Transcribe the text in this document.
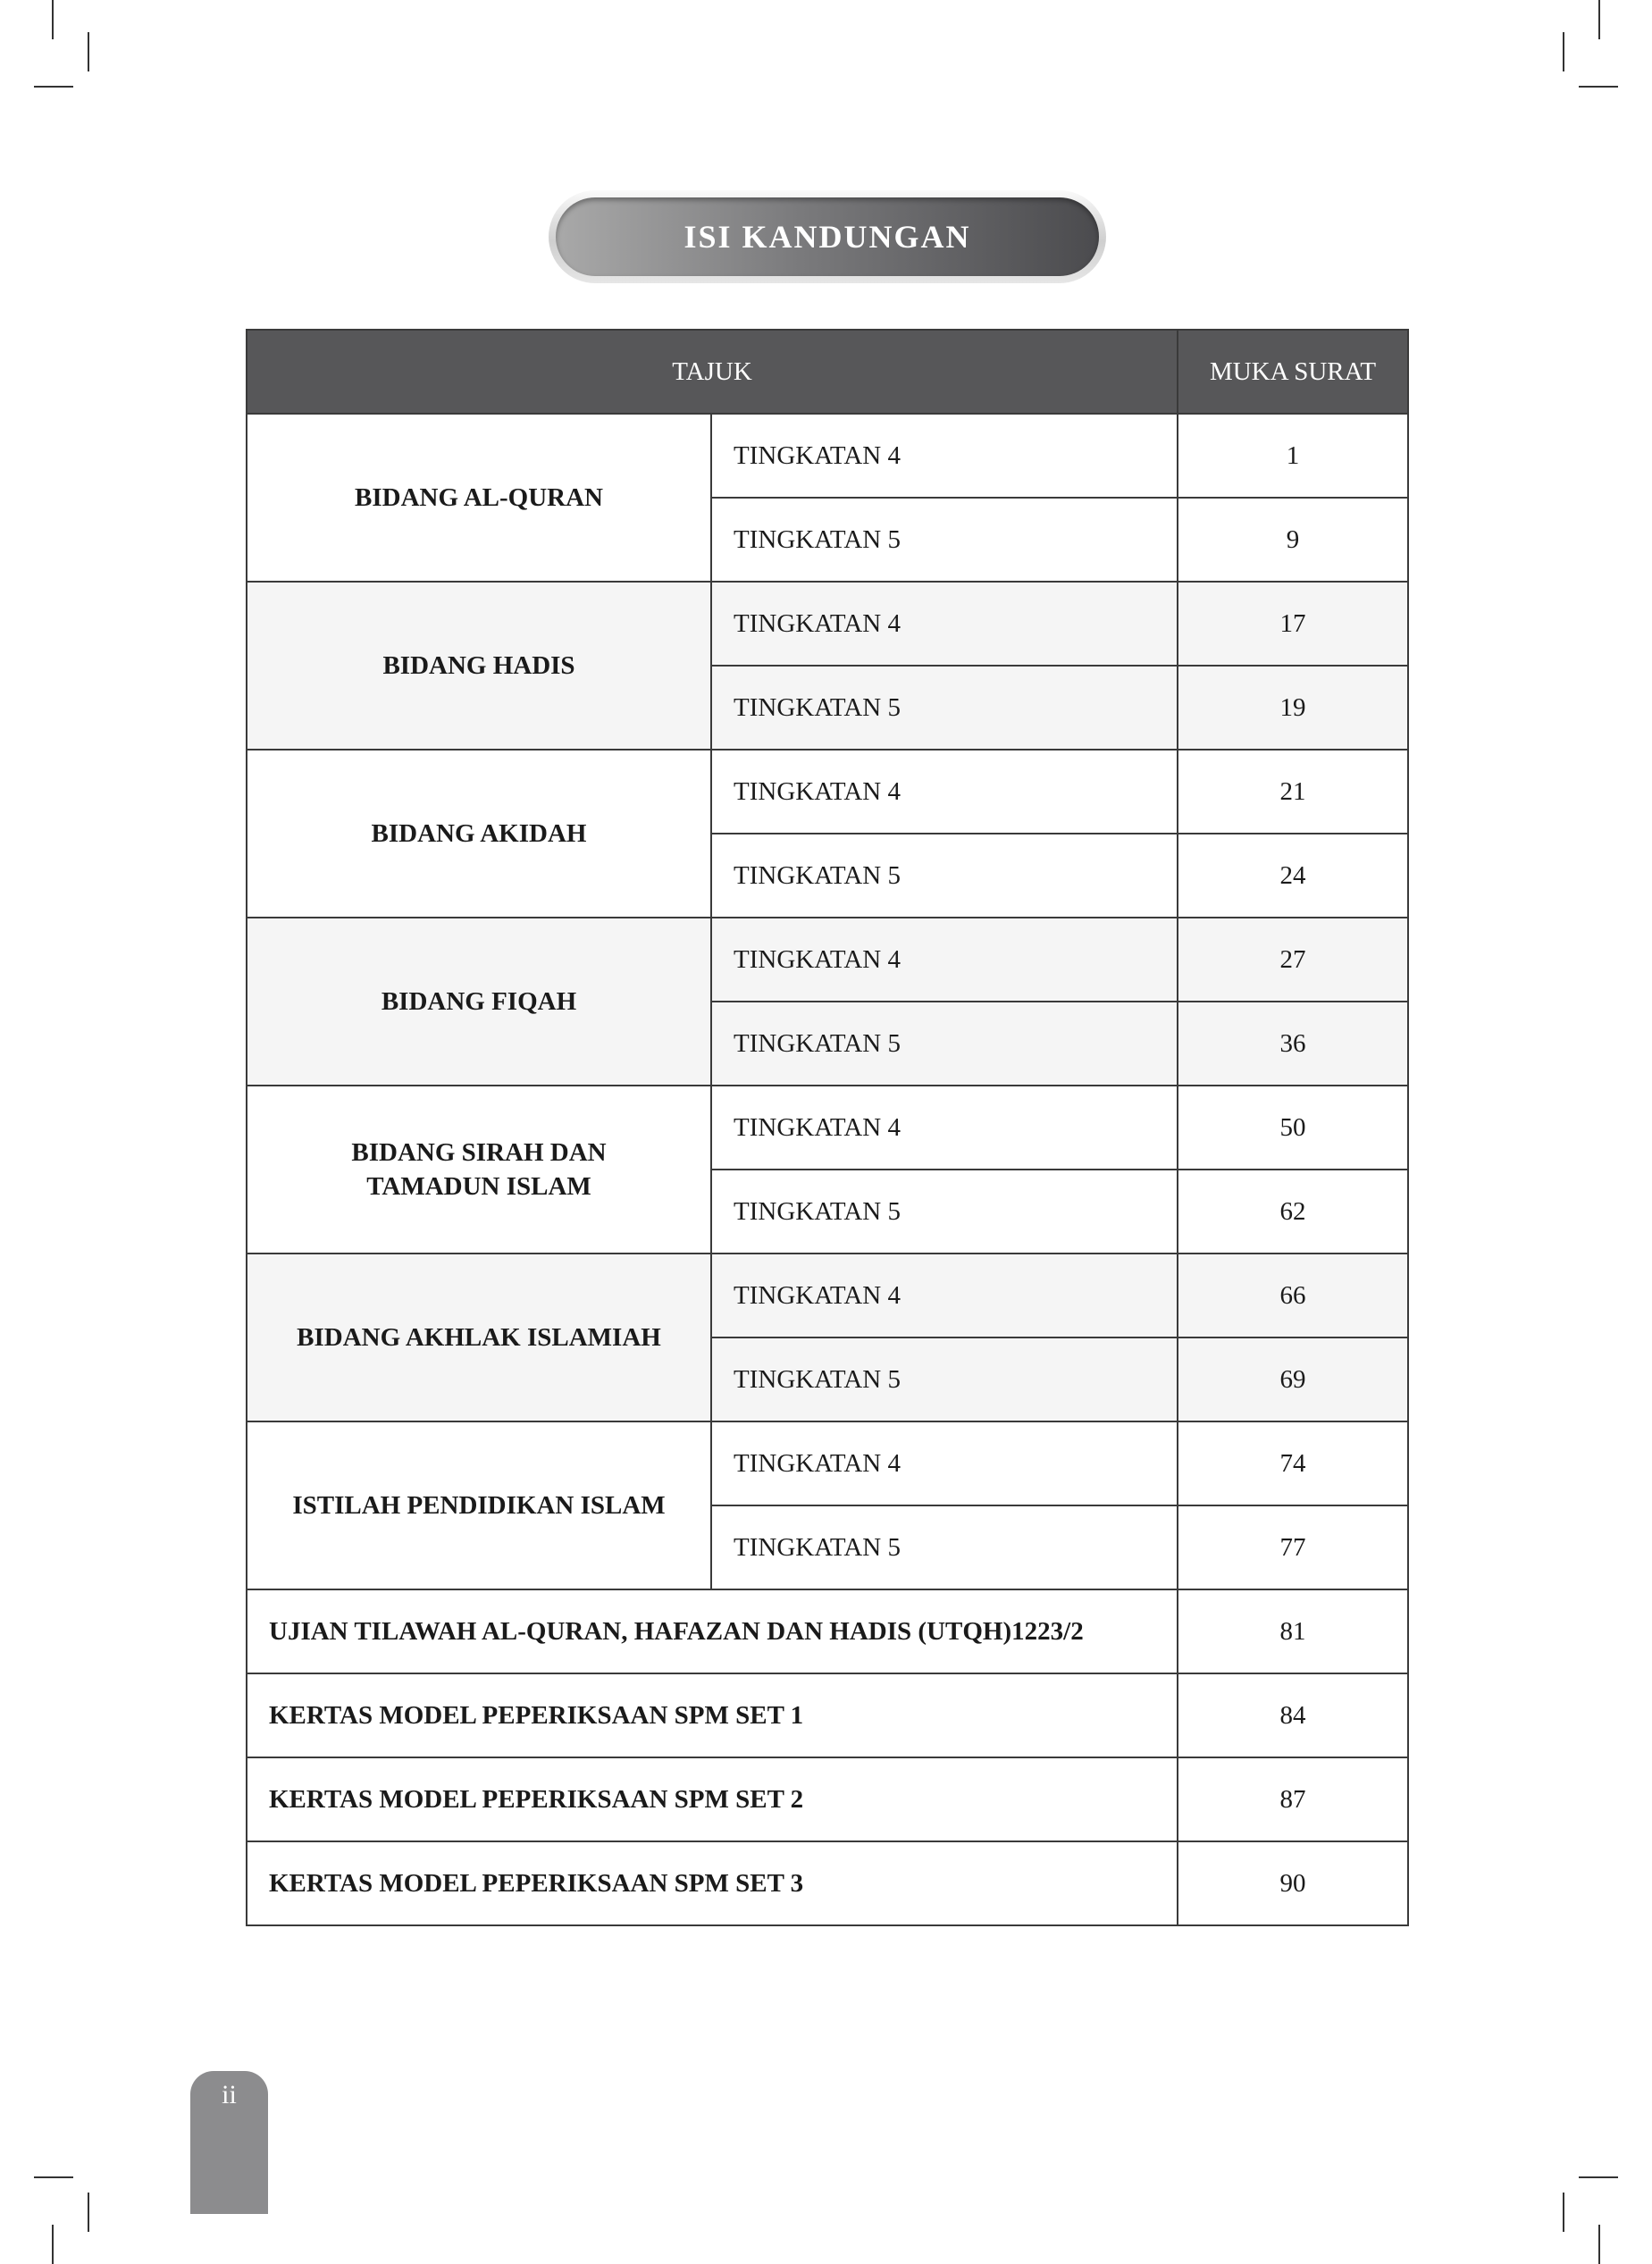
ISI KANDUNGAN
TAJUK		MUKA SURAT
BIDANG AL-QURAN	TINGKATAN 4	1
	TINGKATAN 5	9
BIDANG HADIS	TINGKATAN 4	17
	TINGKATAN 5	19
BIDANG AKIDAH	TINGKATAN 4	21
	TINGKATAN 5	24
BIDANG FIQAH	TINGKATAN 4	27
	TINGKATAN 5	36
BIDANG SIRAH DAN TAMADUN ISLAM	TINGKATAN 4	50
	TINGKATAN 5	62
BIDANG AKHLAK ISLAMIAH	TINGKATAN 4	66
	TINGKATAN 5	69
ISTILAH PENDIDIKAN ISLAM	TINGKATAN 4	74
	TINGKATAN 5	77
UJIAN TILAWAH AL-QURAN, HAFAZAN DAN HADIS (UTQH)1223/2		81
KERTAS MODEL PEPERIKSAAN SPM SET 1		84
KERTAS MODEL PEPERIKSAAN SPM SET 2		87
KERTAS MODEL PEPERIKSAAN SPM SET 3		90
ii
